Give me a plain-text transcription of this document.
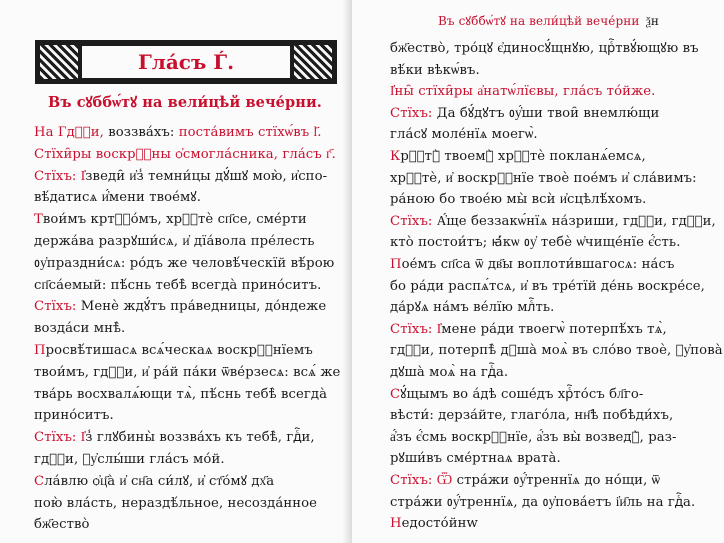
Гла́съ Ѓ.
Въ сꙋббѡ́тꙋ на вели́цѣй вече́рни.
На Гдⷭ҇и, воззва́хъ: поста́вимъ стїхѡ́въ ӏ҃.
Стїхи̑ры воскрⷭ҇ны ѻ҆смогла́сника, гла́съ г҃.
Стїхъ: І҆зведи̑ и҆з̾ темни́цы дꙋ́шꙋ мою̀, и҆спо-
вѣ́датисѧ и҆́мени твое́мꙋ.
Твои́мъ кртⷭ҇о́мъ, хрⷭ҇тѐ сп҃се, сме́рти
держа́ва разрꙋши́сѧ, и҆ дїа́вола пре́лесть
ᲂу҆праздни́сѧ: ро́дъ же человѣ́ческїй вѣ́рою
сп҃са́емый: пѣ́снь тебѣ̀ всегда̀ прино́ситъ.
Стїхъ: Менѐ ждꙋ́тъ пра́ведницы, до́ндеже
возда́си мнѣ̀.
Просвѣ́тишасѧ всѧ́ческаѧ воскрⷭ҇нїемъ
твои́мъ, гдⷭ҇и, и҆ ра́й па́ки ѿве́рзесѧ: всѧ́ же
тва́рь восхвалѧ́ющи тѧ̀, пѣ́снь тебѣ̀ всегда̀
прино́ситъ.
Стїхъ: І҆з̾ глꙋбины̀ воззва́хъ къ тебѣ̀, гдⷭ҇и,
гдⷭ҇и, ᲂу҆слы́ши гла́съ мо́й.
Сла́влю ѻ҆ц҃а̀ и҆ сн҃а си́лꙋ, и҆ ст҃о́мꙋ дх҃а
пою̀ вла́сть, нераздѣ́льное, несозда́нное
бж҃ество̀
Въ сꙋббѡ́тꙋ на вели́цѣй вече́рни ѯн
бж҃ество̀, тро́цꙋ є҆диносꙋ́щнꙋю, црⷭ҇твꙋ́ющꙋю въ
вѣ́ки вѣкѡ́въ.
І҆ны̑ стїхи̑ры а҆натѡ́лїєвы, гла́съ то́йже.
Стїхъ: Да бꙋ́дꙋтъ ᲂу҆́ши твои̑ внемлю́щи
гла́сꙋ моле́нїѧ моегѡ̀.
Крⷭ҇тꙋ̀ твоемꙋ̀ хрⷭ҇тѐ покланѧ́емсѧ,
хрⷭ҇тѐ, и҆ воскрⷭ҇нїе твоѐ пое́мъ и҆ сла́вимъ:
ра́ною бо твое́ю мы̀ всѝ и҆сцѣлѣ́хомъ.
Стїхъ: А҆́ще беззакѡ́нїѧ на́зриши, гдⷭ҇и, гдⷭ҇и,
кто̀ постои́тъ; ꙗ҆́кѡ ᲂу҆ тебѐ ѡ҆чище́нїе є҆́сть.
Пое́мъ сп҃са ѿ дв҃ы воплоти́вшагосѧ: на́съ
бо ра́ди распѧ́тсѧ, и҆ въ тре́тїй де́нь воскре́се,
да́рꙋѧ на́мъ ве́лїю млⷭ҇ть.
Стїхъ: І҆мене ра́ди твоегѡ̀ потерпѣ́хъ тѧ̀,
гдⷭ҇и, потерпѣ̀ дꙋша̀ моѧ̀ въ сло́во твоѐ, ᲂу҆пова̀
дꙋша̀ моѧ̀ на гдⷭ҇а.
Сꙋ́щымъ во а́дѣ соше́дъ хрⷭ҇то́съ бл҃го-
вѣсти́: дерза́йте, глаго́ла, нн҃ѣ побѣди́хъ,
а҆́зъ є҆́смь воскрⷭ҇нїе, а҆́зъ вы̀ возведꙋ̀, раз-
рꙋши́въ сме́ртнаѧ врата̀.
Стїхъ: Ѿ стра́жи ᲂу҆́треннїѧ до но́щи, ѿ
стра́жи ᲂу҆́треннїѧ, да ᲂу҆пова́етъ і҆и҃ль на гдⷭ҇а.
Недосто́йнw
